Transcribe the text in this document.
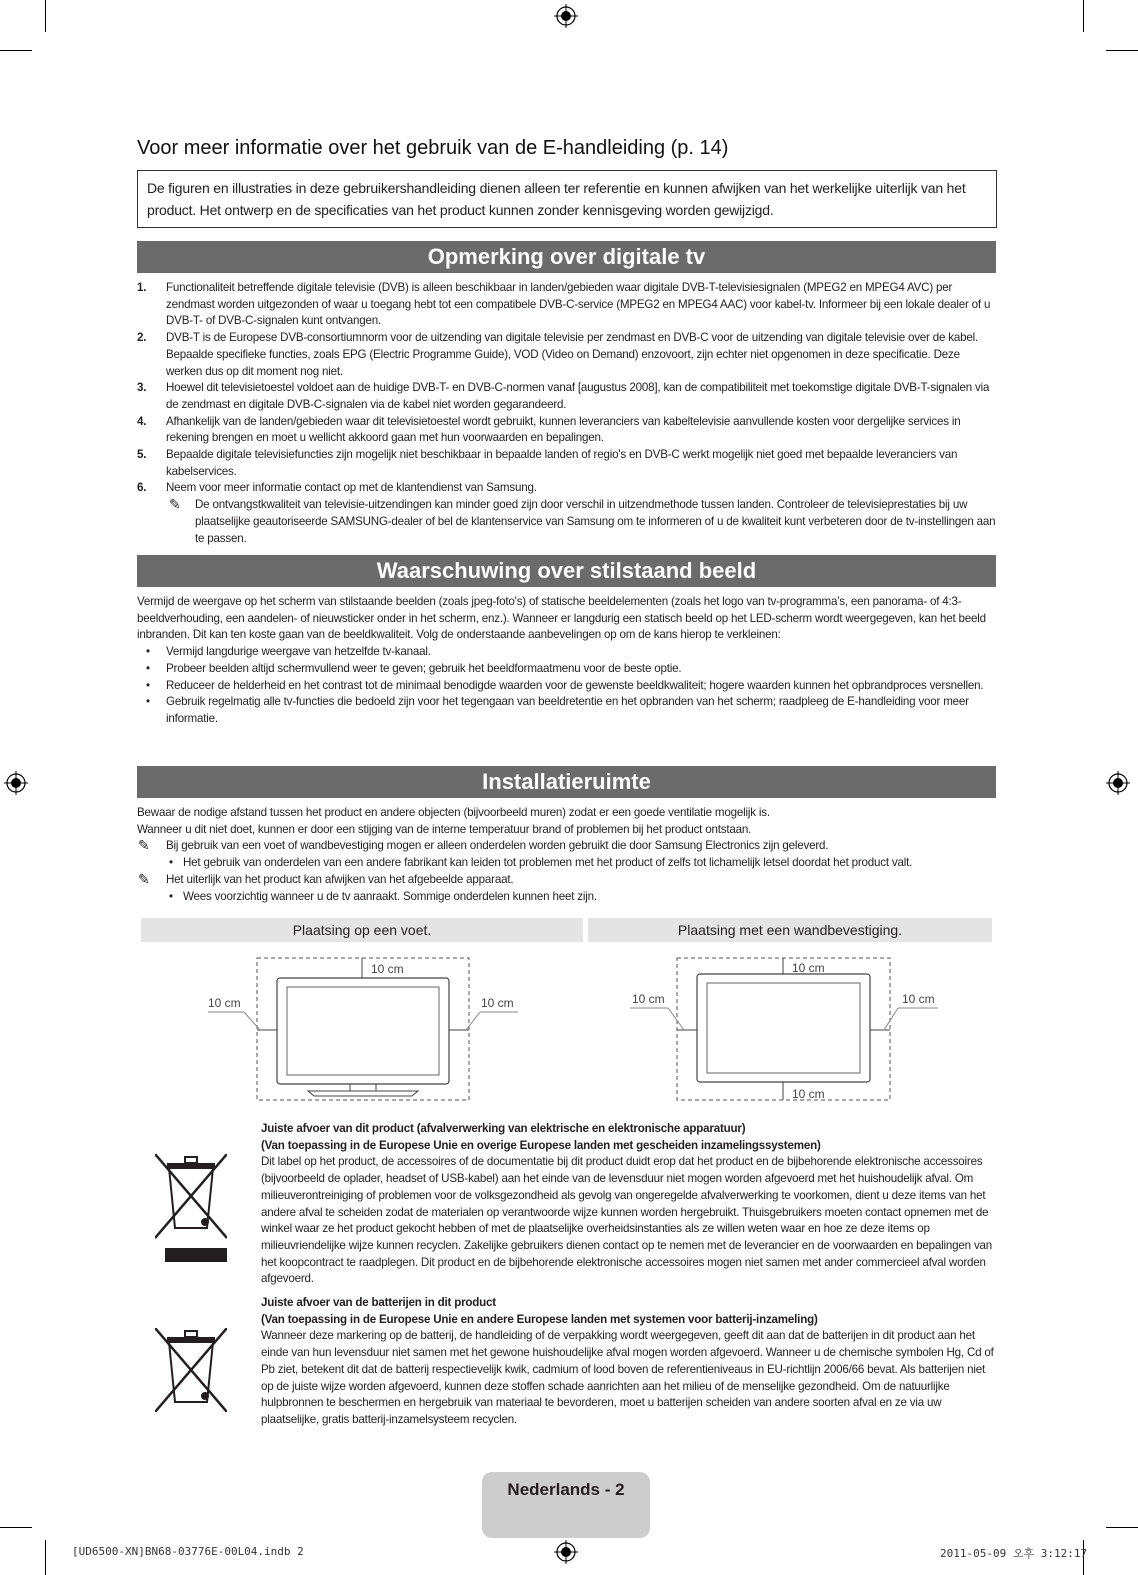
Voor meer informatie over het gebruik van de E-handleiding (p. 14)
De figuren en illustraties in deze gebruikershandleiding dienen alleen ter referentie en kunnen afwijken van het werkelijke uiterlijk van het product. Het ontwerp en de specificaties van het product kunnen zonder kennisgeving worden gewijzigd.
Opmerking over digitale tv
1. Functionaliteit betreffende digitale televisie (DVB) is alleen beschikbaar in landen/gebieden waar digitale DVB-T-televisiesignalen (MPEG2 en MPEG4 AVC) per zendmast worden uitgezonden of waar u toegang hebt tot een compatibele DVB-C-service (MPEG2 en MPEG4 AAC) voor kabel-tv. Informeer bij een lokale dealer of u DVB-T- of DVB-C-signalen kunt ontvangen.
2. DVB-T is de Europese DVB-consortiumnorm voor de uitzending van digitale televisie per zendmast en DVB-C voor de uitzending van digitale televisie over de kabel. Bepaalde specifieke functies, zoals EPG (Electric Programme Guide), VOD (Video on Demand) enzovoort, zijn echter niet opgenomen in deze specificatie. Deze werken dus op dit moment nog niet.
3. Hoewel dit televisietoestel voldoet aan de huidige DVB-T- en DVB-C-normen vanaf [augustus 2008], kan de compatibiliteit met toekomstige digitale DVB-T-signalen via de zendmast en digitale DVB-C-signalen via de kabel niet worden gegarandeerd.
4. Afhankelijk van de landen/gebieden waar dit televisietoestel wordt gebruikt, kunnen leveranciers van kabeltelevisie aanvullende kosten voor dergelijke services in rekening brengen en moet u wellicht akkoord gaan met hun voorwaarden en bepalingen.
5. Bepaalde digitale televisiefuncties zijn mogelijk niet beschikbaar in bepaalde landen of regio's en DVB-C werkt mogelijk niet goed met bepaalde leveranciers van kabelservices.
6. Neem voor meer informatie contact op met de klantendienst van Samsung.
✎ De ontvangstkwaliteit van televisie-uitzendingen kan minder goed zijn door verschil in uitzendmethode tussen landen. Controleer de televisieprestaties bij uw plaatselijke geautoriseerde SAMSUNG-dealer of bel de klantenservice van Samsung om te informeren of u de kwaliteit kunt verbeteren door de tv-instellingen aan te passen.
Waarschuwing over stilstaand beeld
Vermijd de weergave op het scherm van stilstaande beelden (zoals jpeg-foto's) of statische beeldelementen (zoals het logo van tv-programma's, een panorama- of 4:3-beeldverhouding, een aandelen- of nieuwsticker onder in het scherm, enz.). Wanneer er langdurig een statisch beeld op het LED-scherm wordt weergegeven, kan het beeld inbranden. Dit kan ten koste gaan van de beeldkwaliteit. Volg de onderstaande aanbevelingen op om de kans hierop te verkleinen:
• Vermijd langdurige weergave van hetzelfde tv-kanaal.
• Probeer beelden altijd schermvullend weer te geven; gebruik het beeldformaatmenu voor de beste optie.
• Reduceer de helderheid en het contrast tot de minimaal benodigde waarden voor de gewenste beeldkwaliteit; hogere waarden kunnen het opbrandproces versnellen.
• Gebruik regelmatig alle tv-functies die bedoeld zijn voor het tegengaan van beeldretentie en het opbranden van het scherm; raadpleeg de E-handleiding voor meer informatie.
Installatieruimte
Bewaar de nodige afstand tussen het product en andere objecten (bijvoorbeeld muren) zodat er een goede ventilatie mogelijk is.
Wanneer u dit niet doet, kunnen er door een stijging van de interne temperatuur brand of problemen bij het product ontstaan.
✎ Bij gebruik van een voet of wandbevestiging mogen er alleen onderdelen worden gebruikt die door Samsung Electronics zijn geleverd.
• Het gebruik van onderdelen van een andere fabrikant kan leiden tot problemen met het product of zelfs tot lichamelijk letsel doordat het product valt.
✎ Het uiterlijk van het product kan afwijken van het afgebeelde apparaat.
• Wees voorzichtig wanneer u de tv aanraakt. Sommige onderdelen kunnen heet zijn.
Plaatsing op een voet.	Plaatsing met een wandbevestiging.
10 cm
10 cm	10 cm
10 cm
10 cm	10 cm
10 cm
Juiste afvoer van dit product (afvalverwerking van elektrische en elektronische apparatuur)
(Van toepassing in de Europese Unie en overige Europese landen met gescheiden inzamelingssystemen)
Dit label op het product, de accessoires of de documentatie bij dit product duidt erop dat het product en de bijbehorende elektronische accessoires (bijvoorbeeld de oplader, headset of USB-kabel) aan het einde van de levensduur niet mogen worden afgevoerd met het huishoudelijk afval. Om milieuverontreiniging of problemen voor de volksgezondheid als gevolg van ongeregelde afvalverwerking te voorkomen, dient u deze items van het andere afval te scheiden zodat de materialen op verantwoorde wijze kunnen worden hergebruikt. Thuisgebruikers moeten contact opnemen met de winkel waar ze het product gekocht hebben of met de plaatselijke overheidsinstanties als ze willen weten waar en hoe ze deze items op milieuvriendelijke wijze kunnen recyclen. Zakelijke gebruikers dienen contact op te nemen met de leverancier en de voorwaarden en bepalingen van het koopcontract te raadplegen. Dit product en de bijbehorende elektronische accessoires mogen niet samen met ander commercieel afval worden afgevoerd.
Juiste afvoer van de batterijen in dit product
(Van toepassing in de Europese Unie en andere Europese landen met systemen voor batterij-inzameling)
Wanneer deze markering op de batterij, de handleiding of de verpakking wordt weergegeven, geeft dit aan dat de batterijen in dit product aan het einde van hun levensduur niet samen met het gewone huishoudelijke afval mogen worden afgevoerd. Wanneer u de chemische symbolen Hg, Cd of Pb ziet, betekent dit dat de batterij respectievelijk kwik, cadmium of lood boven de referentieniveaus in EU-richtlijn 2006/66 bevat. Als batterijen niet op de juiste wijze worden afgevoerd, kunnen deze stoffen schade aanrichten aan het milieu of de menselijke gezondheid. Om de natuurlijke hulpbronnen te beschermen en hergebruik van materiaal te bevorderen, moet u batterijen scheiden van andere soorten afval en ze via uw plaatselijke, gratis batterij-inzamelsysteem recyclen.
Nederlands - 2
[UD6500-XN]BN68-03776E-00L04.indb 2	2011-05-09 오후 3:12:17
